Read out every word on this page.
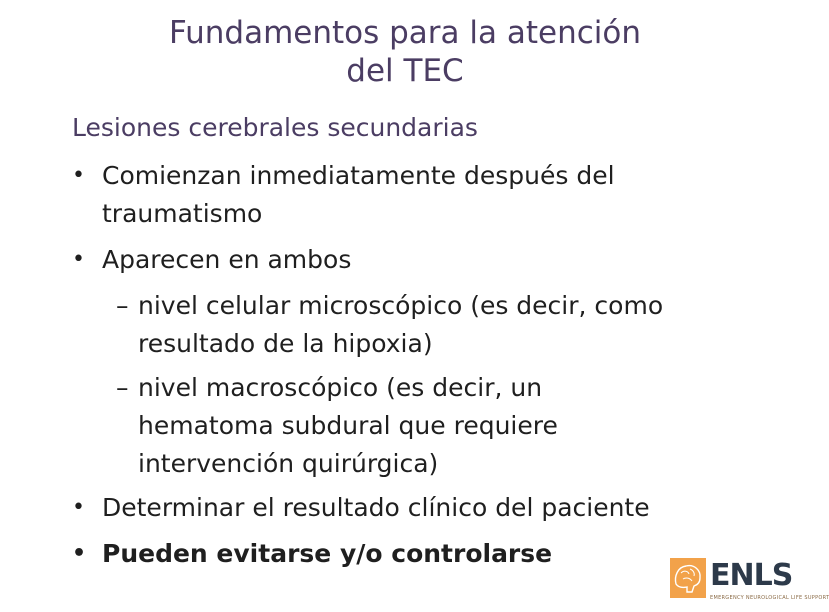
Fundamentos para la atención
del TEC
Lesiones cerebrales secundarias
• Comienzan inmediatamente después del
traumatismo
• Aparecen en ambos
– nivel celular microscópico (es decir, como
resultado de la hipoxia)
– nivel macroscópico (es decir, un
hematoma subdural que requiere
intervención quirúrgica)
• Determinar el resultado clínico del paciente
• Pueden evitarse y/o controlarse
ENLS
EMERGENCY NEUROLOGICAL LIFE SUPPORT
